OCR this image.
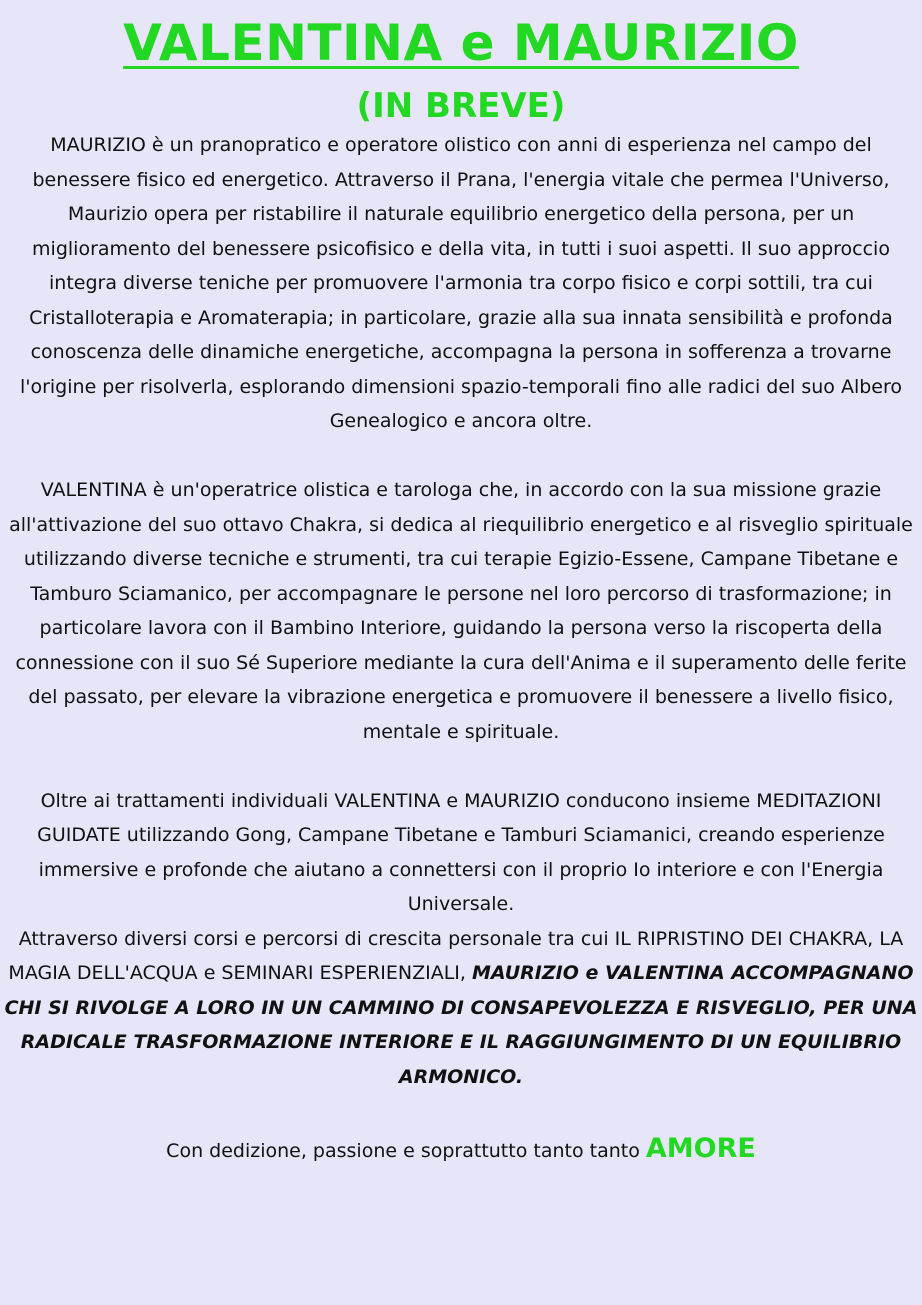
VALENTINA e MAURIZIO
(IN BREVE)

MAURIZIO è un pranopratico e operatore olistico con anni di esperienza nel campo del benessere fisico ed energetico. Attraverso il Prana, l'energia vitale che permea l'Universo, Maurizio opera per ristabilire il naturale equilibrio energetico della persona, per un miglioramento del benessere psicofisico e della vita, in tutti i suoi aspetti. Il suo approccio integra diverse teniche per promuovere l'armonia tra corpo fisico e corpi sottili, tra cui Cristalloterapia e Aromaterapia; in particolare, grazie alla sua innata sensibilità e profonda conoscenza delle dinamiche energetiche, accompagna la persona in sofferenza a trovarne l'origine per risolverla, esplorando dimensioni spazio-temporali fino alle radici del suo Albero Genealogico e ancora oltre.

VALENTINA è un'operatrice olistica e tarologa che, in accordo con la sua missione grazie all'attivazione del suo ottavo Chakra, si dedica al riequilibrio energetico e al risveglio spirituale utilizzando diverse tecniche e strumenti, tra cui terapie Egizio-Essene, Campane Tibetane e Tamburo Sciamanico, per accompagnare le persone nel loro percorso di trasformazione; in particolare lavora con il Bambino Interiore, guidando la persona verso la riscoperta della connessione con il suo Sé Superiore mediante la cura dell'Anima e il superamento delle ferite del passato, per elevare la vibrazione energetica e promuovere il benessere a livello fisico, mentale e spirituale.

Oltre ai trattamenti individuali VALENTINA e MAURIZIO conducono insieme MEDITAZIONI GUIDATE utilizzando Gong, Campane Tibetane e Tamburi Sciamanici, creando esperienze immersive e profonde che aiutano a connettersi con il proprio Io interiore e con l'Energia Universale.

Attraverso diversi corsi e percorsi di crescita personale tra cui IL RIPRISTINO DEI CHAKRA, LA MAGIA DELL'ACQUA e SEMINARI ESPERIENZIALI, MAURIZIO e VALENTINA ACCOMPAGNANO CHI SI RIVOLGE A LORO IN UN CAMMINO DI CONSAPEVOLEZZA E RISVEGLIO, PER UNA RADICALE TRASFORMAZIONE INTERIORE E IL RAGGIUNGIMENTO DI UN EQUILIBRIO ARMONICO.

Con dedizione, passione e soprattutto tanto tanto AMORE
